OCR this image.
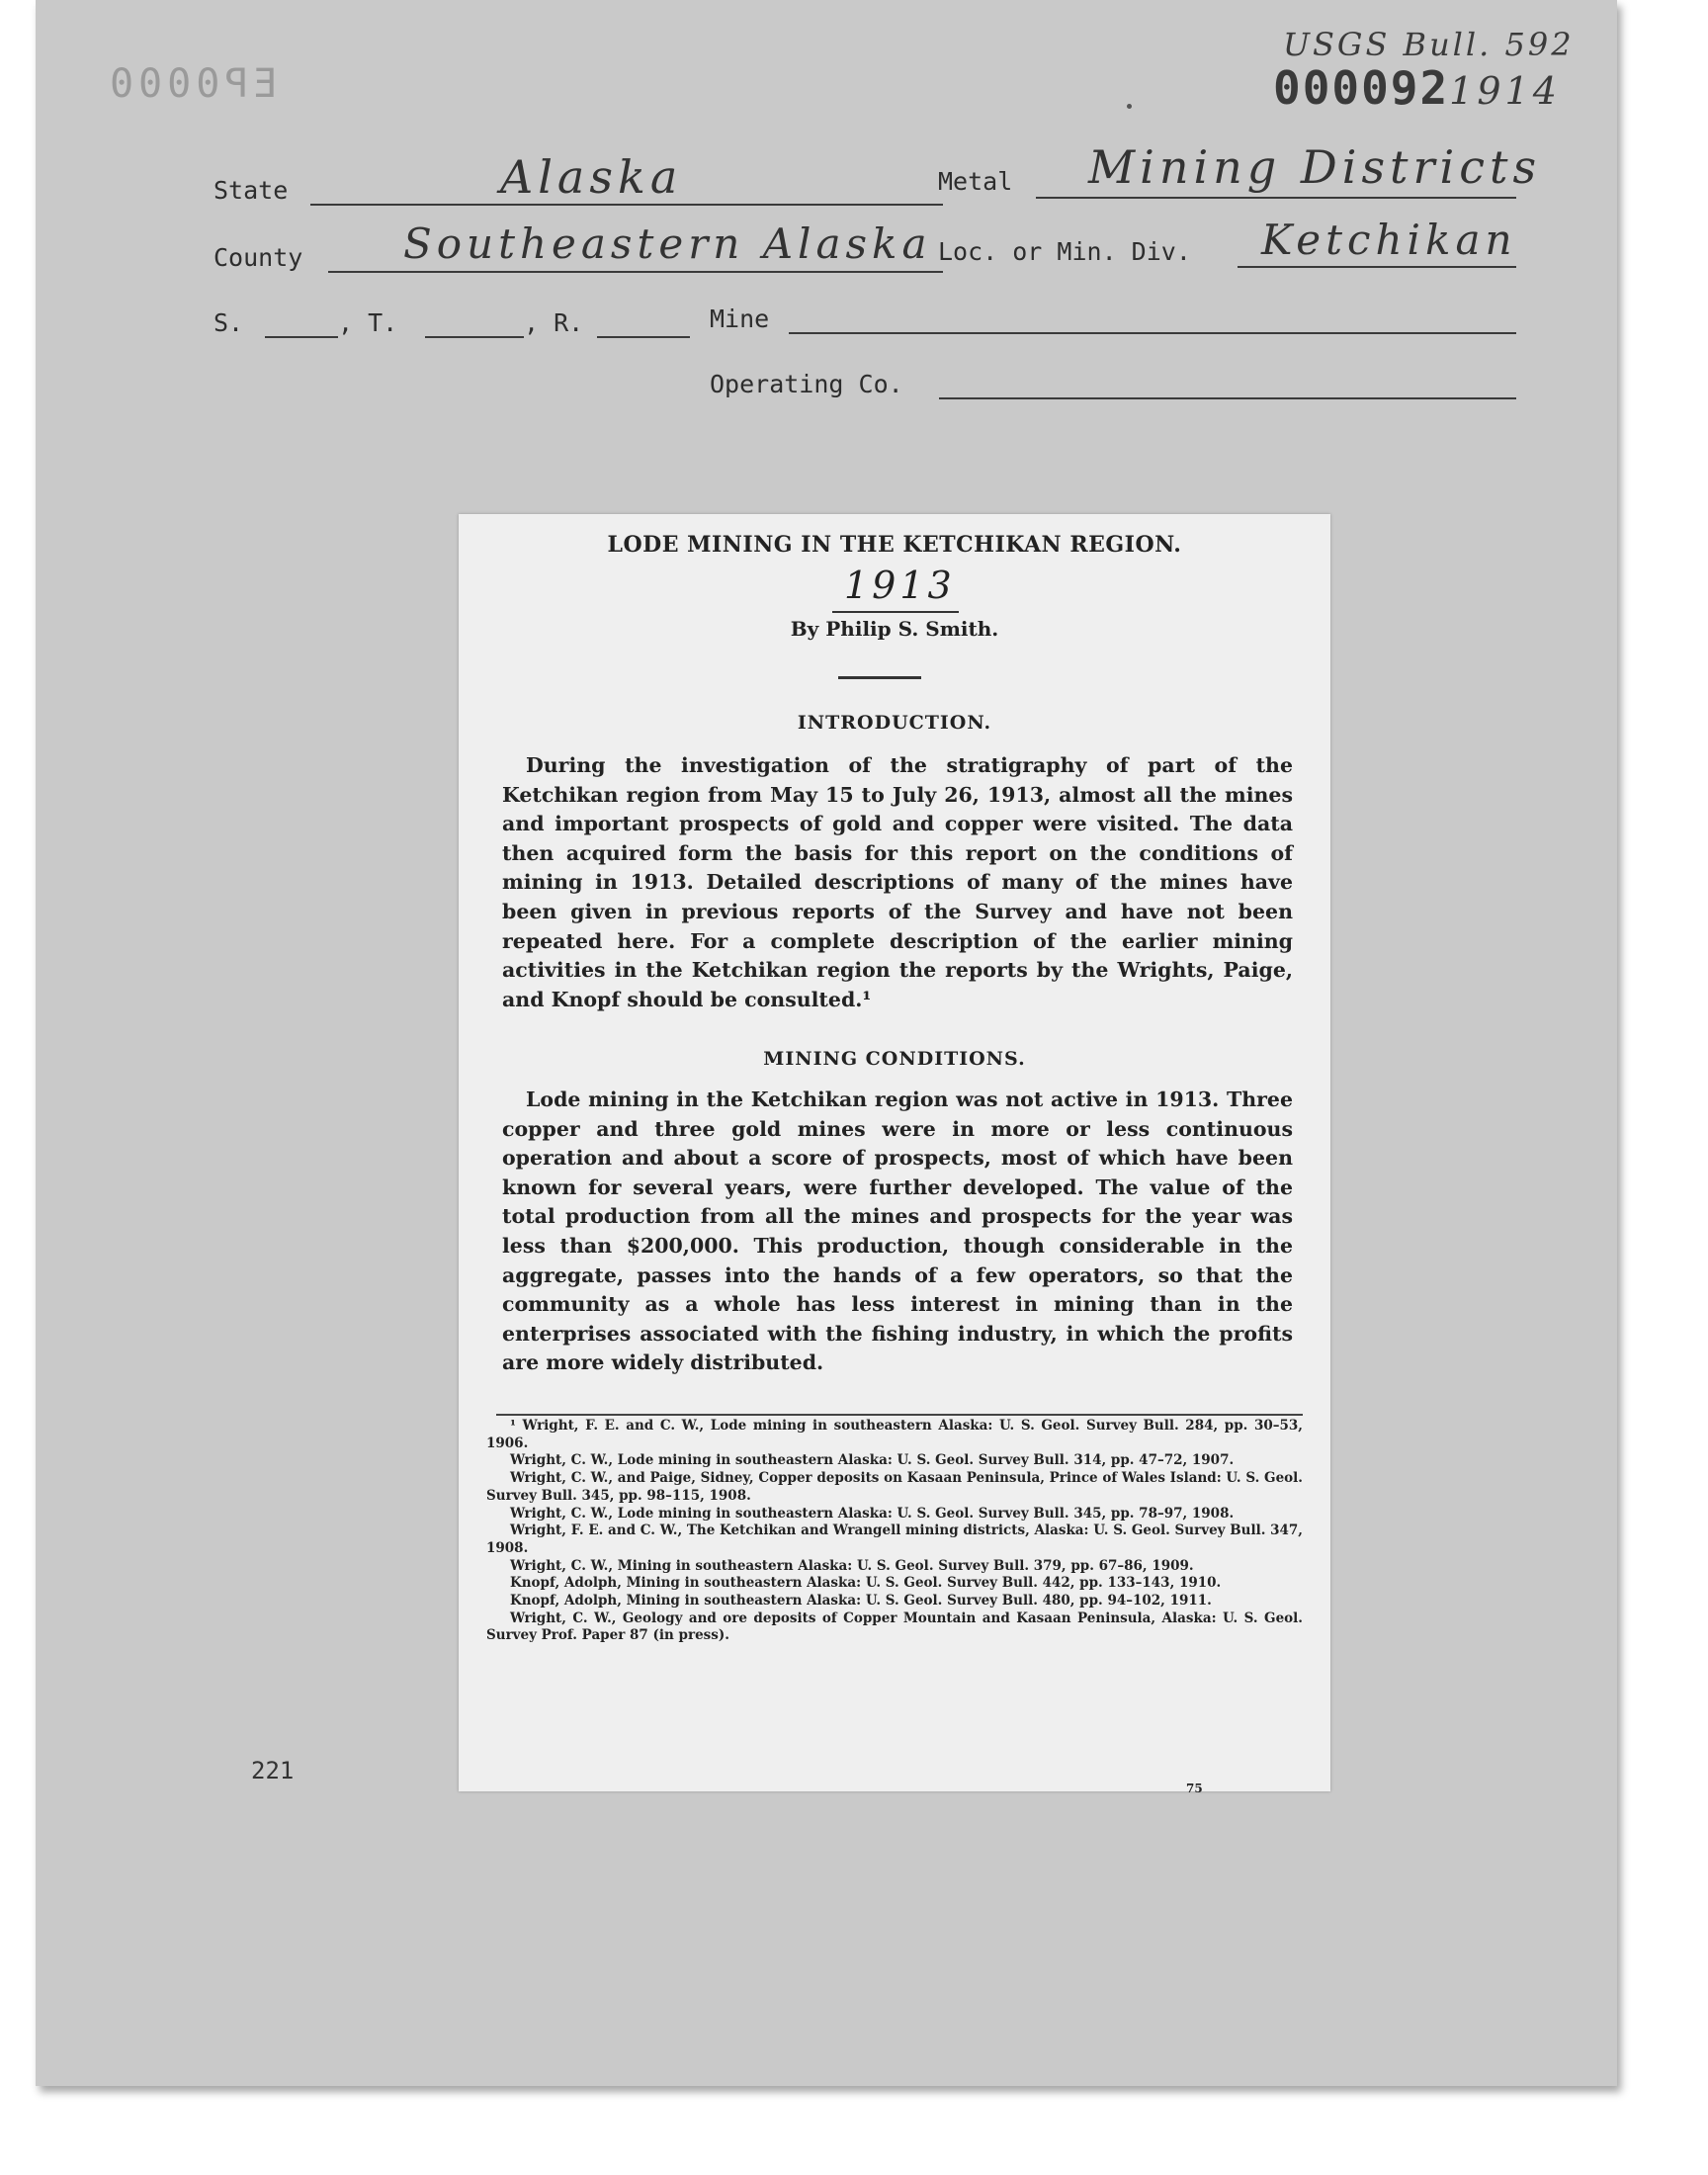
EP0000
USGS Bull. 592
0000921914
State	Alaska	Metal Mining Districts
County Southeastern Alaska Loc. or Min. Div. Ketchikan
S.	, T.	, R.	Mine
Operating Co.
221
LODE MINING IN THE KETCHIKAN REGION.
1913
By Philip S. Smith.
INTRODUCTION.
During the investigation of the stratigraphy of part of the Ketchikan region from May 15 to July 26, 1913, almost all the mines and important prospects of gold and copper were visited. The data then acquired form the basis for this report on the conditions of mining in 1913. Detailed descriptions of many of the mines have been given in previous reports of the Survey and have not been repeated here. For a complete description of the earlier mining activities in the Ketchikan region the reports by the Wrights, Paige, and Knopf should be consulted.¹
MINING CONDITIONS.
Lode mining in the Ketchikan region was not active in 1913. Three copper and three gold mines were in more or less continuous operation and about a score of prospects, most of which have been known for several years, were further developed. The value of the total production from all the mines and prospects for the year was less than $200,000. This production, though considerable in the aggregate, passes into the hands of a few operators, so that the community as a whole has less interest in mining than in the enterprises associated with the fishing industry, in which the profits are more widely distributed.

¹ Wright, F. E. and C. W., Lode mining in southeastern Alaska: U. S. Geol. Survey Bull. 284, pp. 30–53, 1906.

Wright, C. W., Lode mining in southeastern Alaska: U. S. Geol. Survey Bull. 314, pp. 47–72, 1907.

Wright, C. W., and Paige, Sidney, Copper deposits on Kasaan Peninsula, Prince of Wales Island: U. S. Geol. Survey Bull. 345, pp. 98–115, 1908.

Wright, C. W., Lode mining in southeastern Alaska: U. S. Geol. Survey Bull. 345, pp. 78–97, 1908.

Wright, F. E. and C. W., The Ketchikan and Wrangell mining districts, Alaska: U. S. Geol. Survey Bull. 347, 1908.

Wright, C. W., Mining in southeastern Alaska: U. S. Geol. Survey Bull. 379, pp. 67–86, 1909.

Knopf, Adolph, Mining in southeastern Alaska: U. S. Geol. Survey Bull. 442, pp. 133–143, 1910.

Knopf, Adolph, Mining in southeastern Alaska: U. S. Geol. Survey Bull. 480, pp. 94–102, 1911.

Wright, C. W., Geology and ore deposits of Copper Mountain and Kasaan Peninsula, Alaska: U. S. Geol. Survey Prof. Paper 87 (in press).

75
